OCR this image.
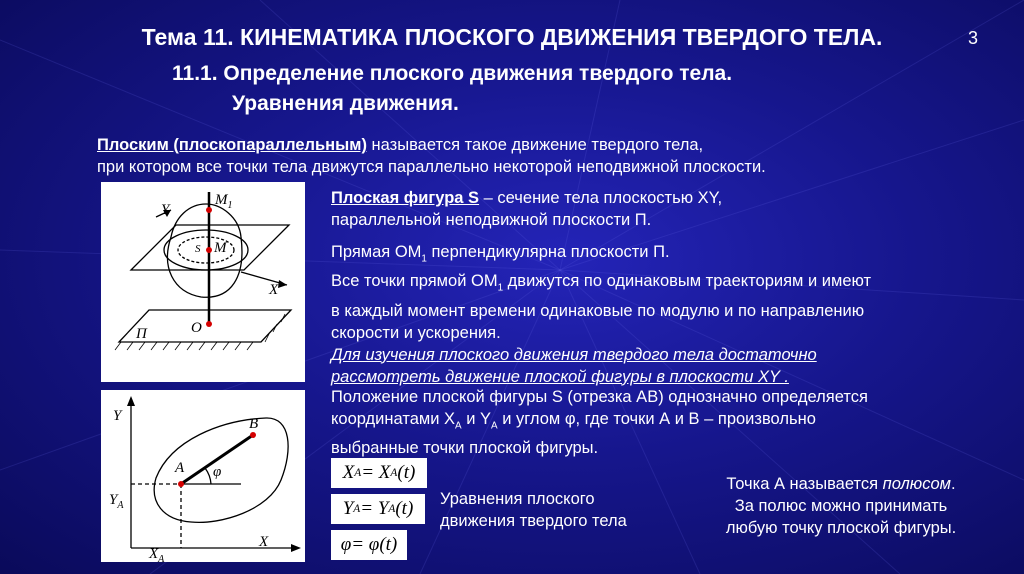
Тема 11. КИНЕМАТИКА ПЛОСКОГО ДВИЖЕНИЯ ТВЕРДОГО ТЕЛА.	3
11.1. Определение плоского движения твердого тела.
Уравнения движения.
Плоским (плоскопараллельным) называется такое движение твердого тела,
при котором все точки тела движутся параллельно некоторой неподвижной плоскости.
Y
$M_1$
S M
X
O
П
Y
X
A
B
φ
$Y_A$
$X_A$
Плоская фигура S – сечение тела плоскостью XY,
параллельной неподвижной плоскости П.
Прямая $ОМ_1$ перпендикулярна плоскости П.
Все точки прямой $ОМ_1$ движутся по одинаковым траекториям и имеют
в каждый момент времени одинаковые по модулю и по направлению
скорости и ускорения.
Для изучения плоского движения твердого тела достаточно
рассмотреть движение плоской фигуры в плоскости XY .
Положение плоской фигуры S (отрезка АВ) однозначно определяется
координатами $X_A$ и $Y_A$ и углом φ, где точки А и В – произвольно
выбранные точки плоской фигуры.
X A = X A (t)
Y A = Y A (t)
φ = φ (t)
Уравнения плоского
движения твердого тела
Точка А называется полюсом.
За полюс можно принимать
любую точку плоской фигуры.
